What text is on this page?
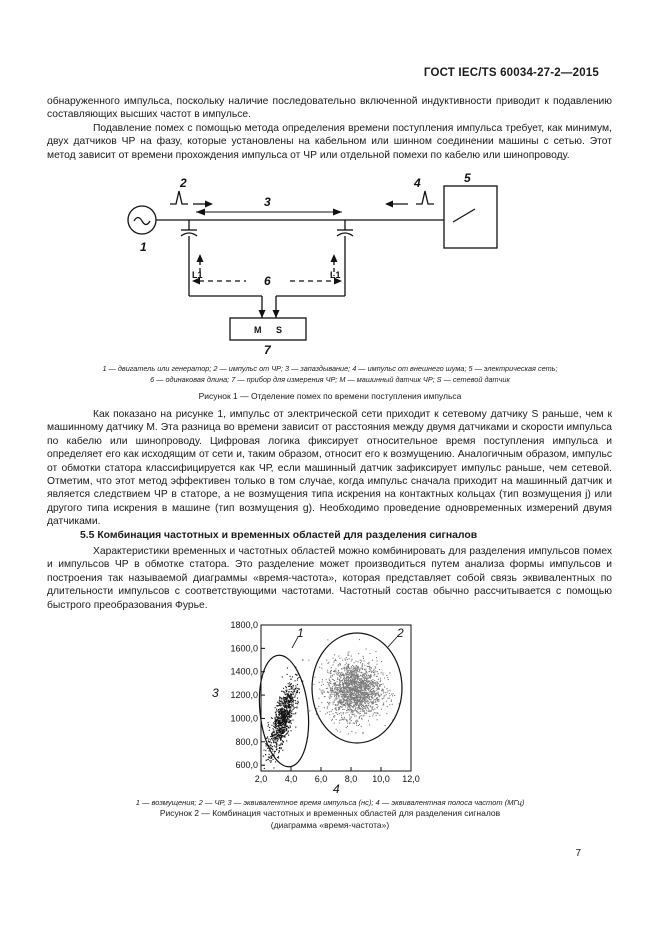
ГОСТ IEC/TS 60034-27-2—2015

обнаруженного импульса, поскольку наличие последовательно включенной индуктивности приводит к подавлению составляющих высших частот в импульсе.

Подавление помех с помощью метода определения времени поступления импульса требует, как минимум, двух датчиков ЧР на фазу, которые установлены на кабельном или шинном соединении машины с сетью. Этот метод зависит от времени прохождения импульса от ЧР или отдельной помехи по кабелю или шинопроводу.

1
2
3
4	5
6
7
L1	L1
M S
1 — двигатель или генератор; 2 — импульс от ЧР; 3 — запаздывание; 4 — импульс от внешнего шума; 5 — электрическая сеть;
6 — одинаковая длина; 7 — прибор для измерения ЧР; M — машинный датчик ЧР; S — сетевой датчик
Рисунок 1 — Отделение помех по времени поступления импульса

Как показано на рисунке 1, импульс от электрической сети приходит к сетевому датчику S раньше, чем к машинному датчику M. Эта разница во времени зависит от расстояния между двумя датчиками и скорости импульса по кабелю или шинопроводу. Цифровая логика фиксирует относительное время поступления импульса и определяет его как исходящим от сети и, таким образом, относит его к возмущению. Аналогичным образом, импульс от обмотки статора классифицируется как ЧР, если машинный датчик зафиксирует импульс раньше, чем сетевой. Отметим, что этот метод эффективен только в том случае, когда импульс сначала приходит на машинный датчик и является следствием ЧР в статоре, а не возмущения типа искрения на контактных кольцах (тип возмущения j) или другого типа искрения в машине (тип возмущения g). Необходимо проведение одновременных измерений двумя датчиками.

5.5 Комбинация частотных и временных областей для разделения сигналов

Характеристики временных и частотных областей можно комбинировать для разделения импульсов помех и импульсов ЧР в обмотке статора. Это разделение может производиться путем анализа формы импульсов и построения так называемой диаграммы «время-частота», которая представляет собой связь эквивалентных по длительности импульсов с соответствующими частотами. Частотный состав обычно рассчитывается с помощью быстрого преобразования Фурье.

600,0
800,0
1000,0
1200,0
1400,0
1600,0
1800,0
2,0 4,0 6,0 8,0 10,0 12,0
1	2
3
4
1 — возмущения; 2 — ЧР, 3 — эквивалентное время импульса (нс); 4 — эквивалентная полоса частот (МГц)
Рисунок 2 — Комбинация частотных и временных областей для разделения сигналов
(диаграмма «время-частота»)
7
